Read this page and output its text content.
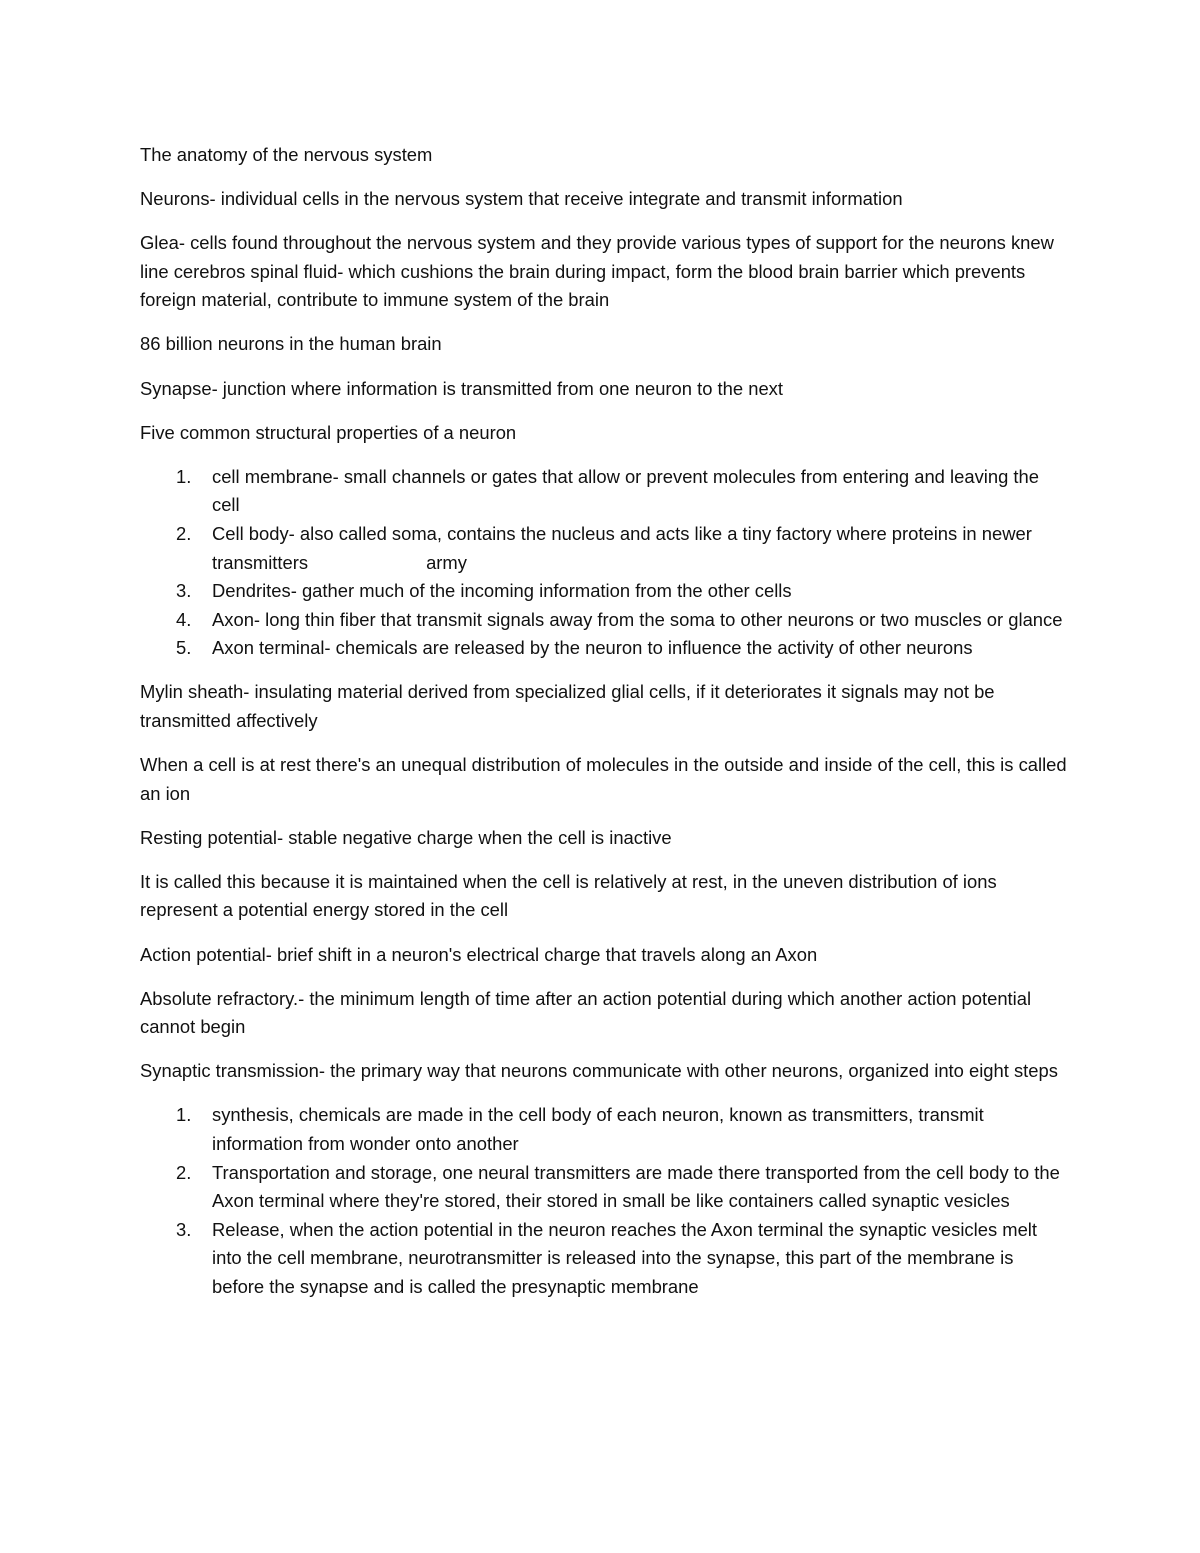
The anatomy of the nervous system

Neurons- individual cells in the nervous system that receive integrate and transmit information

Glea- cells found throughout the nervous system and they provide various types of support for the neurons knew line cerebros spinal fluid- which cushions the brain during impact, form the blood brain barrier which prevents foreign material, contribute to immune system of the brain

86 billion neurons in the human brain

Synapse- junction where information is transmitted from one neuron to the next

Five common structural properties of a neuron

1. cell membrane- small channels or gates that allow or prevent molecules from entering and leaving the cell
2. Cell body- also called soma, contains the nucleus and acts like a tiny factory where proteins in newer transmitters	army
3. Dendrites- gather much of the incoming information from the other cells
4. Axon- long thin fiber that transmit signals away from the soma to other neurons or two muscles or glance
5. Axon terminal- chemicals are released by the neuron to influence the activity of other neurons

Mylin sheath- insulating material derived from specialized glial cells, if it deteriorates it signals may not be transmitted affectively

When a cell is at rest there's an unequal distribution of molecules in the outside and inside of the cell, this is called an ion

Resting potential- stable negative charge when the cell is inactive

It is called this because it is maintained when the cell is relatively at rest, in the uneven distribution of ions represent a potential energy stored in the cell

Action potential- brief shift in a neuron's electrical charge that travels along an Axon

Absolute refractory.- the minimum length of time after an action potential during which another action potential cannot begin

Synaptic transmission- the primary way that neurons communicate with other neurons, organized into eight steps

1. synthesis, chemicals are made in the cell body of each neuron, known as transmitters, transmit information from wonder onto another
2. Transportation and storage, one neural transmitters are made there transported from the cell body to the Axon terminal where they're stored, their stored in small be like containers called synaptic vesicles
3. Release, when the action potential in the neuron reaches the Axon terminal the synaptic vesicles melt into the cell membrane, neurotransmitter is released into the synapse, this part of the membrane is before the synapse and is called the presynaptic membrane
